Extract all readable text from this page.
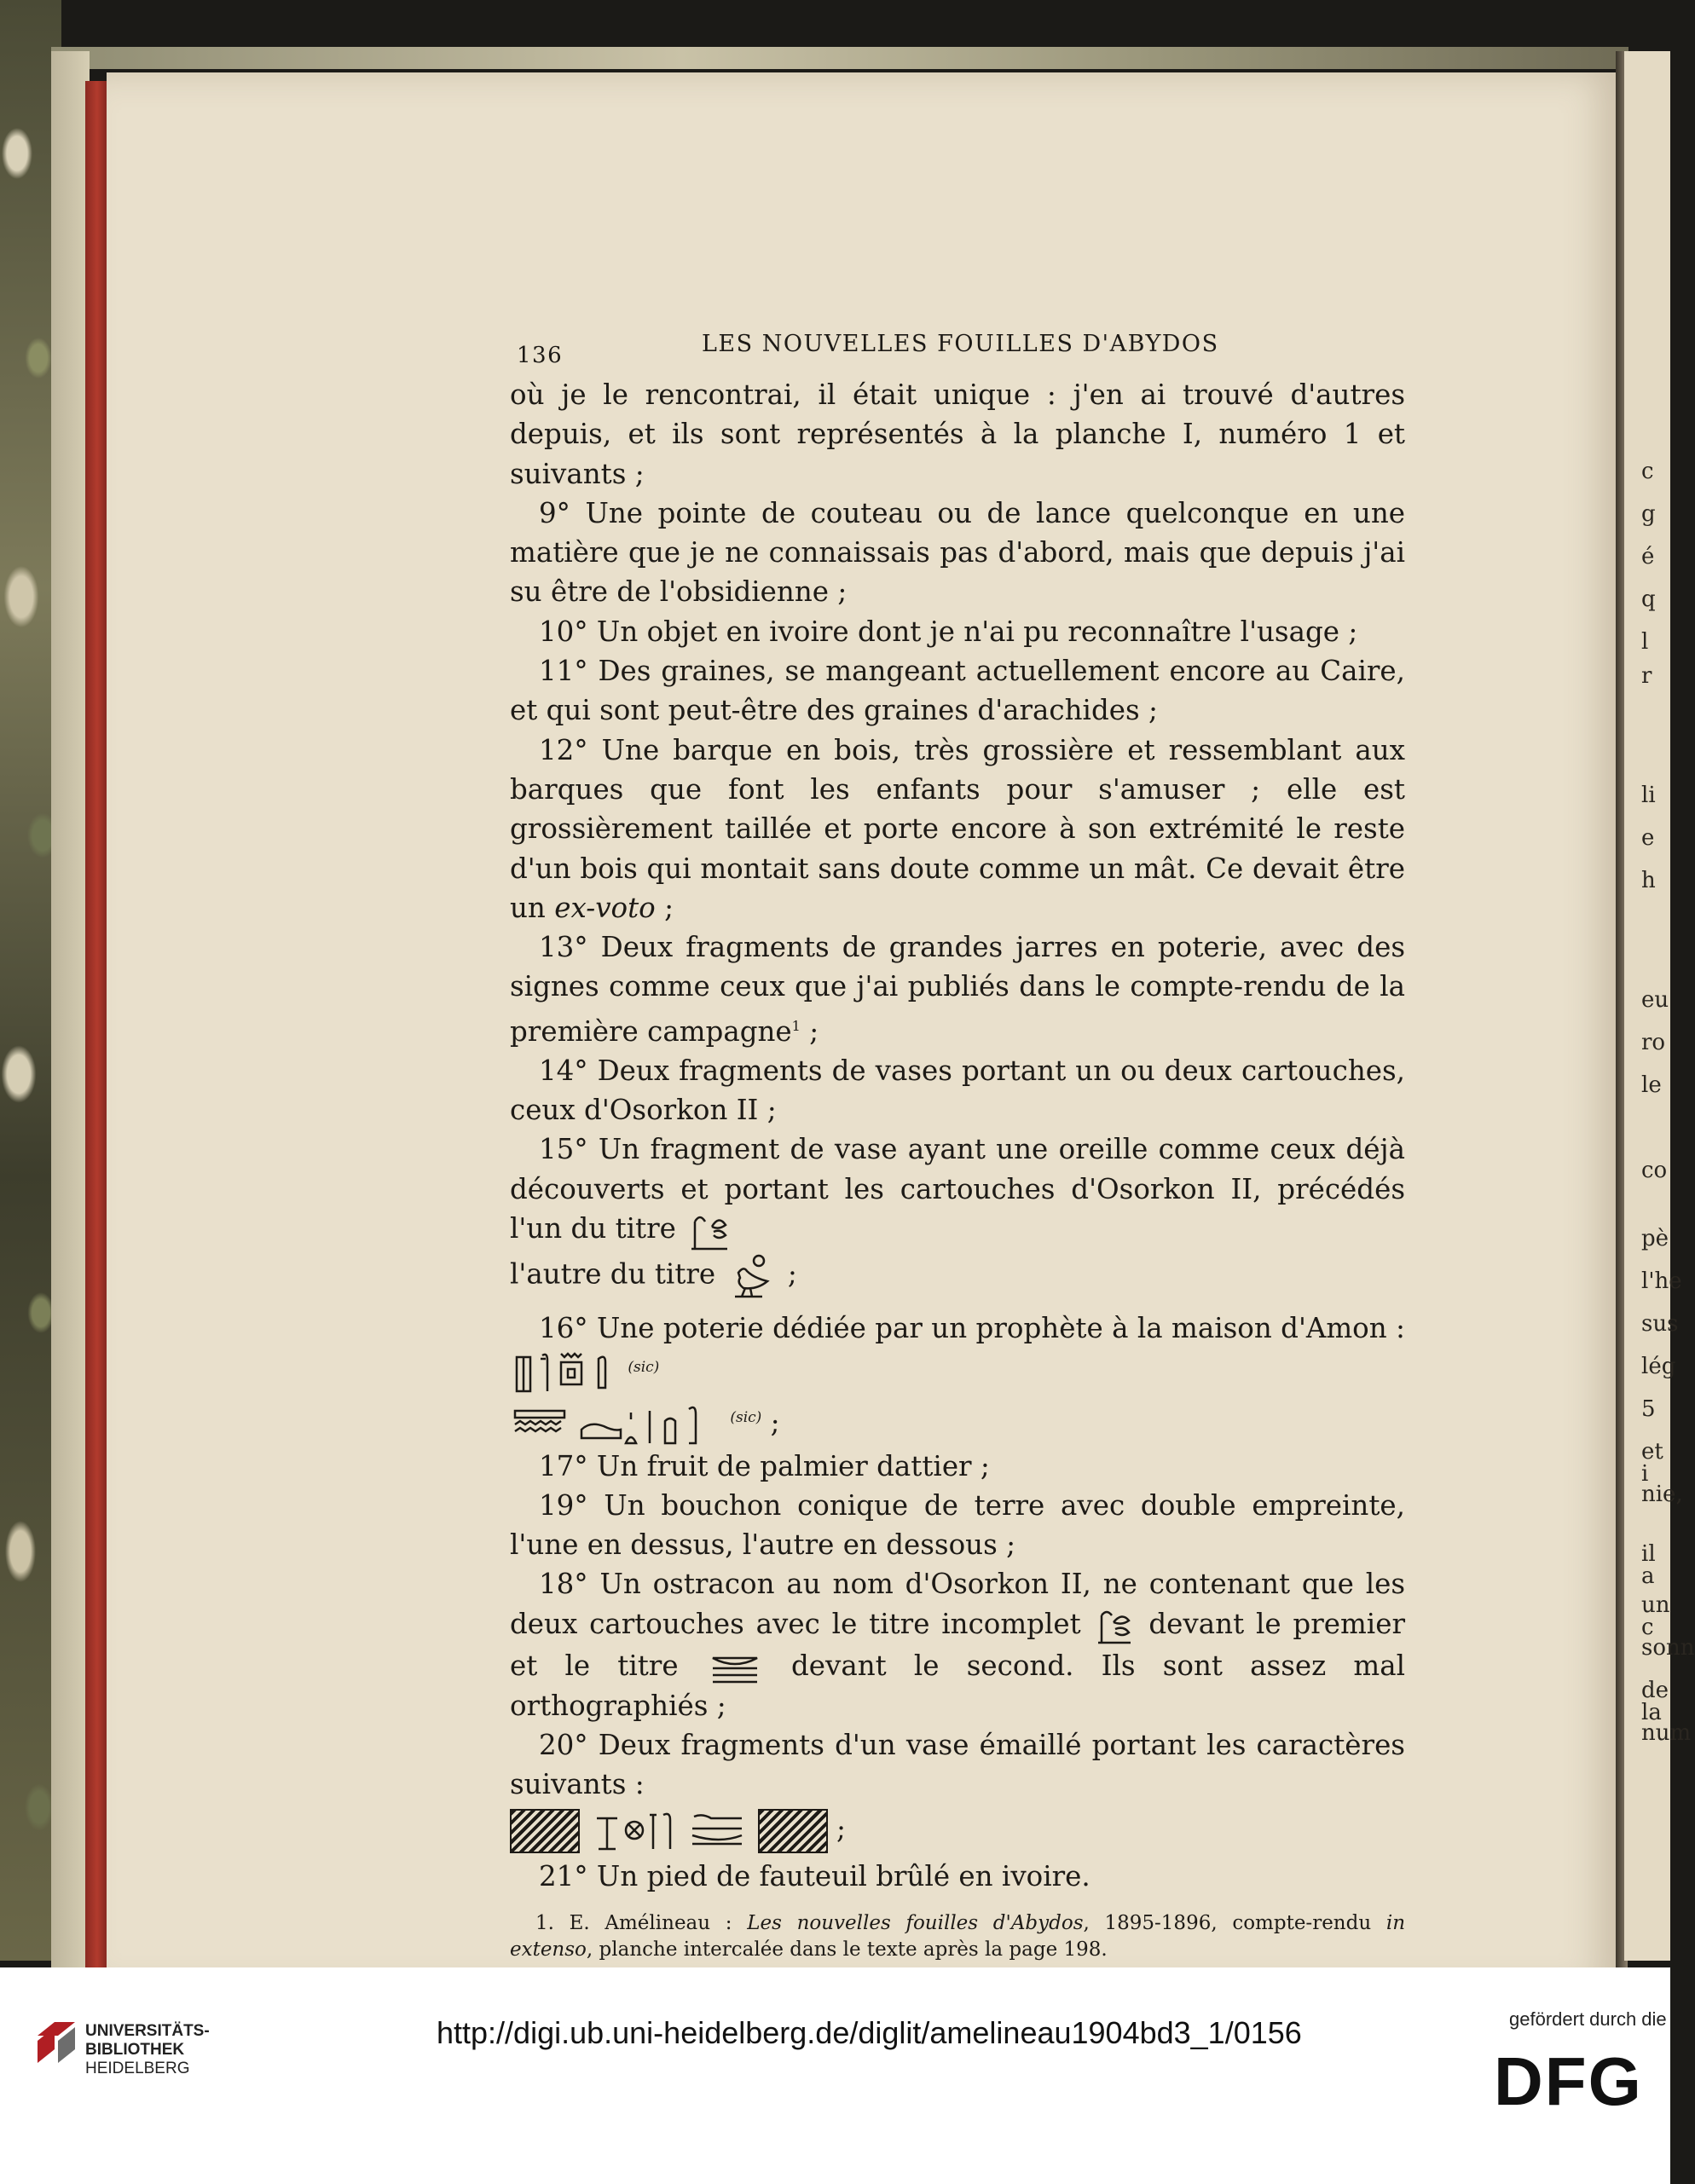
c
g
é
q
l
r
li
e
h
eu
ro
le
co
pè
l'he
sus
lég
5
et i
nie,
il a
un c
sonn
de la
num
136	LES NOUVELLES FOUILLES D'ABYDOS

où je le rencontrai, il était unique : j'en ai trouvé d'autres depuis, et ils sont représentés à la planche I, numéro 1 et suivants ;

9° Une pointe de couteau ou de lance quelconque en une matière que je ne connaissais pas d'abord, mais que depuis j'ai su être de l'obsidienne ;

10° Un objet en ivoire dont je n'ai pu reconnaître l'usage ;

11° Des graines, se mangeant actuellement encore au Caire, et qui sont peut-être des graines d'arachides ;

12° Une barque en bois, très grossière et ressemblant aux barques que font les enfants pour s'amuser ; elle est grossièrement taillée et porte encore à son extrémité le reste d'un bois qui montait sans doute comme un mât. Ce devait être un ex-voto ;

13° Deux fragments de grandes jarres en poterie, avec des signes comme ceux que j'ai publiés dans le compte-rendu de la première campagne$^1$ ;

14° Deux fragments de vases portant un ou deux cartouches, ceux d'Osorkon II ;

15° Un fragment de vase ayant une oreille comme ceux déjà découverts et portant les cartouches d'Osorkon II, précédés l'un du titre
l'autre du titre	;

16° Une poterie dédiée par un prophète à la maison d'Amon :  $^{(sic)}$
$^{(sic)}$ ;

17° Un fruit de palmier dattier ;

19° Un bouchon conique de terre avec double empreinte, l'une en dessus, l'autre en dessous ;

18° Un ostracon au nom d'Osorkon II, ne contenant que les deux cartouches avec le titre incomplet devant le premier et le titre	devant le second. Ils sont assez mal orthographiés ;

20° Deux fragments d'un vase émaillé portant les caractères suivants :

;

21° Un pied de fauteuil brûlé en ivoire.

1. E. Amélineau : Les nouvelles fouilles d'Abydos, 1895-1896, compte-rendu in extenso, planche intercalée dans le texte après la page 198.
UNIVERSITÄTS-
BIBLIOTHEK
HEIDELBERG
http://digi.ub.uni-heidelberg.de/diglit/amelineau1904bd3_1/0156	gefördert durch die
DFG
